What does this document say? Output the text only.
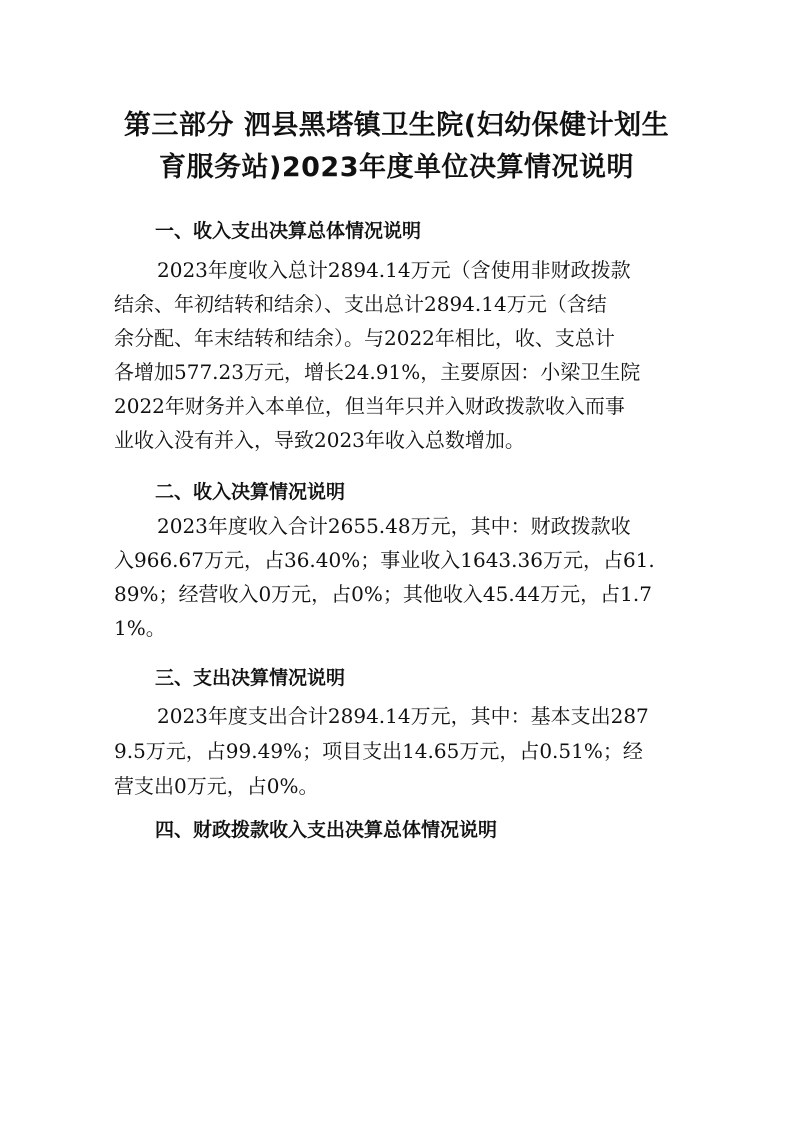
第三部分 泗县黑塔镇卫生院(妇幼保健计划生
育服务站)2023年度单位决算情况说明
一、收入支出决算总体情况说明
2023年度收入总计2894.14万元（含使用非财政拨款
结余、年初结转和结余）、支出总计2894.14万元（含结
余分配、年末结转和结余）。与2022年相比，收、支总计
各增加577.23万元，增长24.91%，主要原因：小梁卫生院
2022年财务并入本单位，但当年只并入财政拨款收入而事
业收入没有并入，导致2023年收入总数增加。
二、收入决算情况说明
2023年度收入合计2655.48万元，其中：财政拨款收
入966.67万元，占36.40%；事业收入1643.36万元，占61.
89%；经营收入0万元，占0%；其他收入45.44万元，占1.7
1%。
三、支出决算情况说明
2023年度支出合计2894.14万元，其中：基本支出287
9.5万元，占99.49%；项目支出14.65万元，占0.51%；经
营支出0万元，占0%。
四、财政拨款收入支出决算总体情况说明
